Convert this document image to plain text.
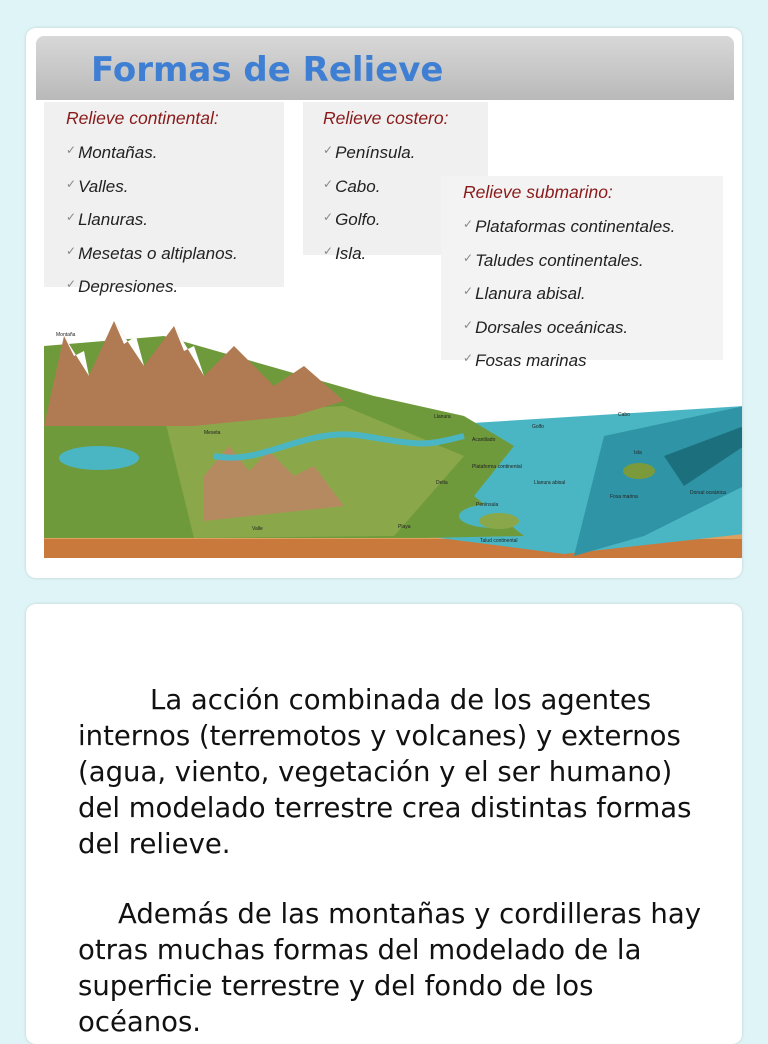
Formas de Relieve
Relieve continental:
✓ Montañas.
✓ Valles.
✓ Llanuras.
✓ Mesetas o altiplanos.
✓ Depresiones.
Relieve costero:
✓ Península.
✓ Cabo.
✓ Golfo.
✓ Isla.
Montaña
Meseta
Valle
Llanura
Golfo
Cabo
Isla
Acantilado
Plataforma continental
Delta
Península
Playa
Llanura abisal
Talud continental
Fosa marina
Dorsal oceánica
Relieve submarino:
✓ Plataformas continentales.
✓ Taludes continentales.
✓ Llanura abisal.
✓ Dorsales oceánicas.
✓ Fosas marinas

La acción combinada de los agentes internos (terremotos y volcanes) y externos (agua, viento, vegetación y el ser humano) del modelado terrestre crea distintas formas del relieve.

Además de las montañas y cordilleras hay otras muchas formas del modelado de la superficie terrestre y del fondo de los océanos.
